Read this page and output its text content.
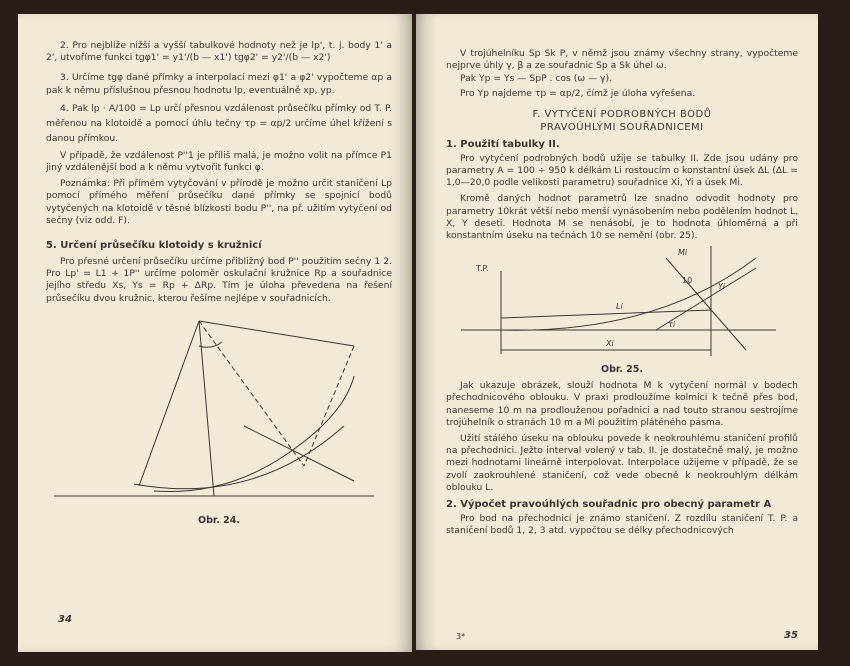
2. Pro nejblíže nižší a vyšší tabulkové hodnoty než je lp', t. j. body 1' a 2', utvoříme funkci tgφ1' = y1'/(b — x1') tgφ2' = y2'/(b — x2')

3. Určíme tgφ dané přímky a interpolací mezi φ1' a φ2' vypočteme αp a pak k němu příslušnou přesnou hodnotu lp, eventuálně xp, yp.

4. Pak lp · A/100 = Lp určí přesnou vzdálenost průsečíku přímky od T. P. měřenou na klotoidě a pomocí úhlu tečny τp = αp/2 určíme úhel křížení s danou přímkou.

V případě, že vzdálenost P''1 je příliš malá, je možno volit na přímce P1 jiný vzdálenější bod a k němu vytvořit funkci φ.

Poznámka: Při přímém vytyčování v přírodě je možno určit staničení Lp pomocí přímého měření průsečíku dané přímky se spojnicí bodů vytyčených na klotoidě v těsné blízkosti bodu P'', na př. užitím vytyčení od sečny (viz odd. F).

5. Určení průsečíku klotoidy s kružnicí

Pro přesné určení průsečíku určíme přibližný bod P'' použitím sečny 1 2. Pro Lp' = L1 + 1P'' určíme poloměr oskulační kružnice Rp a souřadnice jejího středu Xs, Ys = Rp + ΔRp. Tím je úloha převedena na řešení průsečíku dvou kružnic, kterou řešíme nejlépe v souřadnicích.

Obr. 24.
34

V trojúhelníku Sp Sk P, v němž jsou známy všechny strany, vypočteme nejprve úhly γ, β a ze souřadnic Sp a Sk úhel ω.

Pak Yp = Ys — SpP . cos (ω — γ).

Pro Yp najdeme τp = αp/2, čímž je úloha vyřešena.

F. VYTYČENÍ PODROBNÝCH BODŮ
PRAVOÚHLÝMI SOUŘADNICEMI
1. Použití tabulky II.

Pro vytyčení podrobných bodů užije se tabulky II. Zde jsou udány pro parametry A = 100 ÷ 950 k délkám Li rostoucím o konstantní úsek ΔL (ΔL = 1,0—20,0 podle velikosti parametru) souřadnice Xi, Yi a úsek Mi.

Kromě daných hodnot parametrů lze snadno odvodit hodnoty pro parametry 10krát větší nebo menší vynásobením nebo podělením hodnot L, X, Y deseti. Hodnota M se nenásobí, je to hodnota úhloměrná a při konstantním úseku na tečnách 10 se nemění (obr. 25).

T.P.
Mi
10
Yi
Li
τi
Xi
Obr. 25.

Jak ukazuje obrázek, slouží hodnota M k vytyčení normál v bodech přechodnicového oblouku. V praxi prodloužíme kolmici k tečně přes bod, naneseme 10 m na prodlouženou pořadnici a nad touto stranou sestrojíme trojúhelník o stranách 10 m a Mi použitím pláténého pásma.

Užití stálého úseku na oblouku povede k neokrouhlému staničení profilů na přechodnici. Ježto interval volený v tab. II. je dostatečně malý, je možno mezi hodnotami lineárně interpolovat. Interpolace užijeme v případě, že se zvolí zaokrouhlené staničení, což vede obecně k neokrouhlým délkám oblouku L.

2. Výpočet pravoúhlých souřadnic pro obecný parametr A

Pro bod na přechodnici je známo staničení. Z rozdílu staničení T. P. a staničení bodů 1, 2, 3 atd. vypočtou se délky přechodnicových

3*	35
